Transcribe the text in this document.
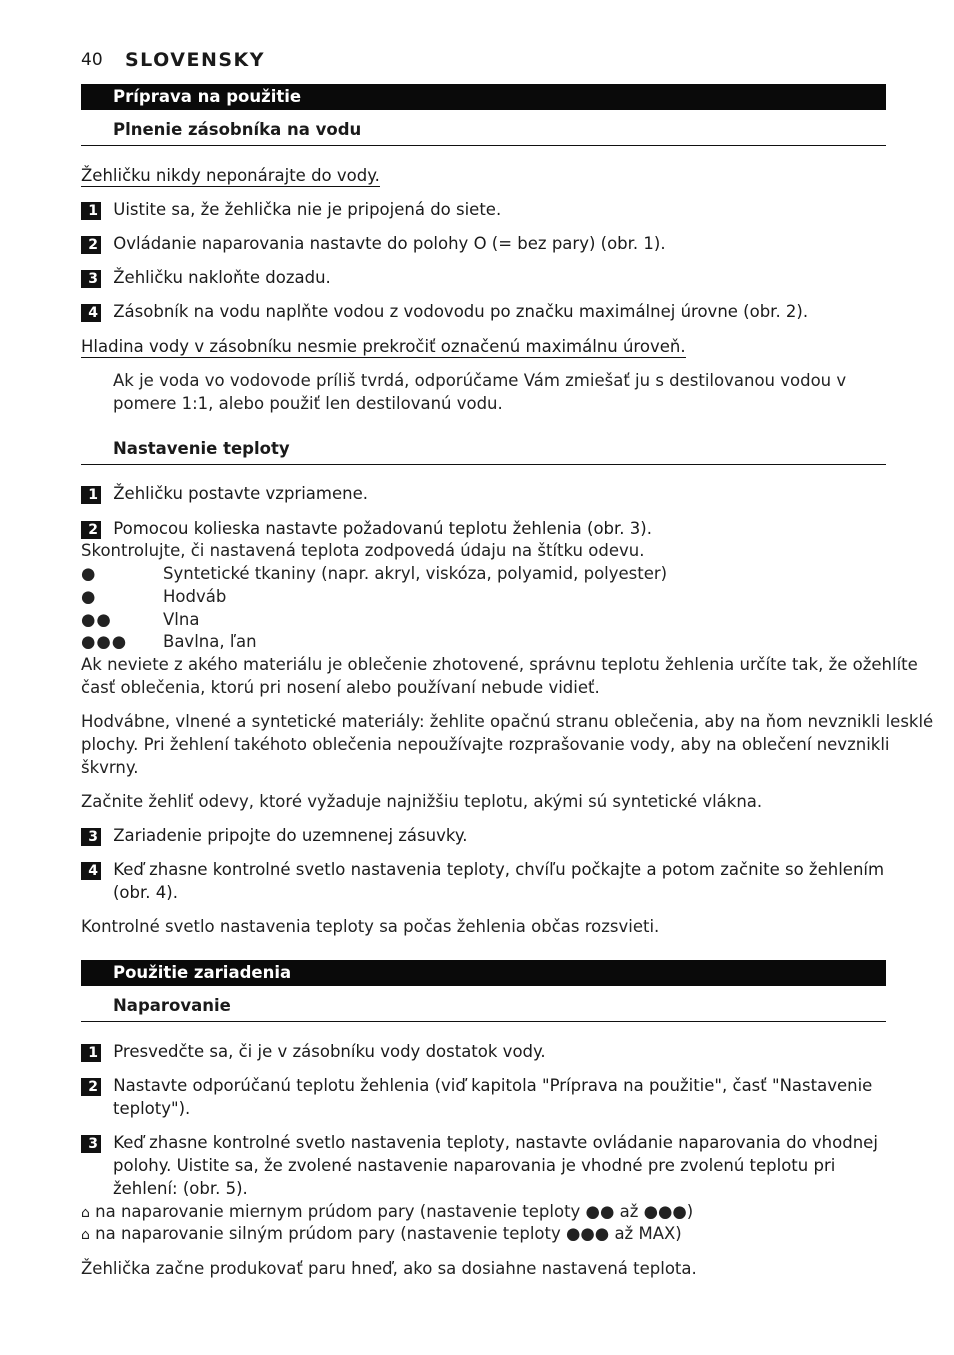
40 SLOVENSKY
Príprava na použitie
Plnenie zásobníka na vodu
Žehličku nikdy neponárajte do vody.
1 Uistite sa, že žehlička nie je pripojená do siete.
2 Ovládanie naparovania nastavte do polohy O (= bez pary) (obr. 1).
3 Žehličku nakloňte dozadu.
4 Zásobník na vodu naplňte vodou z vodovodu po značku maximálnej úrovne (obr. 2).
Hladina vody v zásobníku nesmie prekročiť označenú maximálnu úroveň.
Ak je voda vo vodovode príliš tvrdá, odporúčame Vám zmiešať ju s destilovanou vodou v
pomere 1:1, alebo použiť len destilovanú vodu.
Nastavenie teploty
1 Žehličku postavte vzpriamene.
2 Pomocou kolieska nastavte požadovanú teplotu žehlenia (obr. 3).
Skontrolujte, či nastavená teplota zodpovedá údaju na štítku odevu.
●	Syntetické tkaniny (napr. akryl, viskóza, polyamid, polyester)
●	Hodváb
●●	Vlna
●●● Bavlna, ľan
Ak neviete z akého materiálu je oblečenie zhotovené, správnu teplotu žehlenia určíte tak, že ožehlíte
časť oblečenia, ktorú pri nosení alebo používaní nebude vidieť.
Hodvábne, vlnené a syntetické materiály: žehlite opačnú stranu oblečenia, aby na ňom nevznikli lesklé
plochy. Pri žehlení takéhoto oblečenia nepoužívajte rozprašovanie vody, aby na oblečení nevznikli
škvrny.
Začnite žehliť odevy, ktoré vyžaduje najnižšiu teplotu, akými sú syntetické vlákna.
3 Zariadenie pripojte do uzemnenej zásuvky.
4 Keď zhasne kontrolné svetlo nastavenia teploty, chvíľu počkajte a potom začnite so žehlením
(obr. 4).
Kontrolné svetlo nastavenia teploty sa počas žehlenia občas rozsvieti.
Použitie zariadenia
Naparovanie
1 Presvedčte sa, či je v zásobníku vody dostatok vody.
2 Nastavte odporúčanú teplotu žehlenia (viď kapitola "Príprava na použitie", časť "Nastavenie
teploty").
3 Keď zhasne kontrolné svetlo nastavenia teploty, nastavte ovládanie naparovania do vhodnej
polohy. Uistite sa, že zvolené nastavenie naparovania je vhodné pre zvolenú teplotu pri
žehlení: (obr. 5).
⌂ na naparovanie miernym prúdom pary (nastavenie teploty ●● až ●●●)
⌂ na naparovanie silným prúdom pary (nastavenie teploty ●●● až MAX)
Žehlička začne produkovať paru hneď, ako sa dosiahne nastavená teplota.
